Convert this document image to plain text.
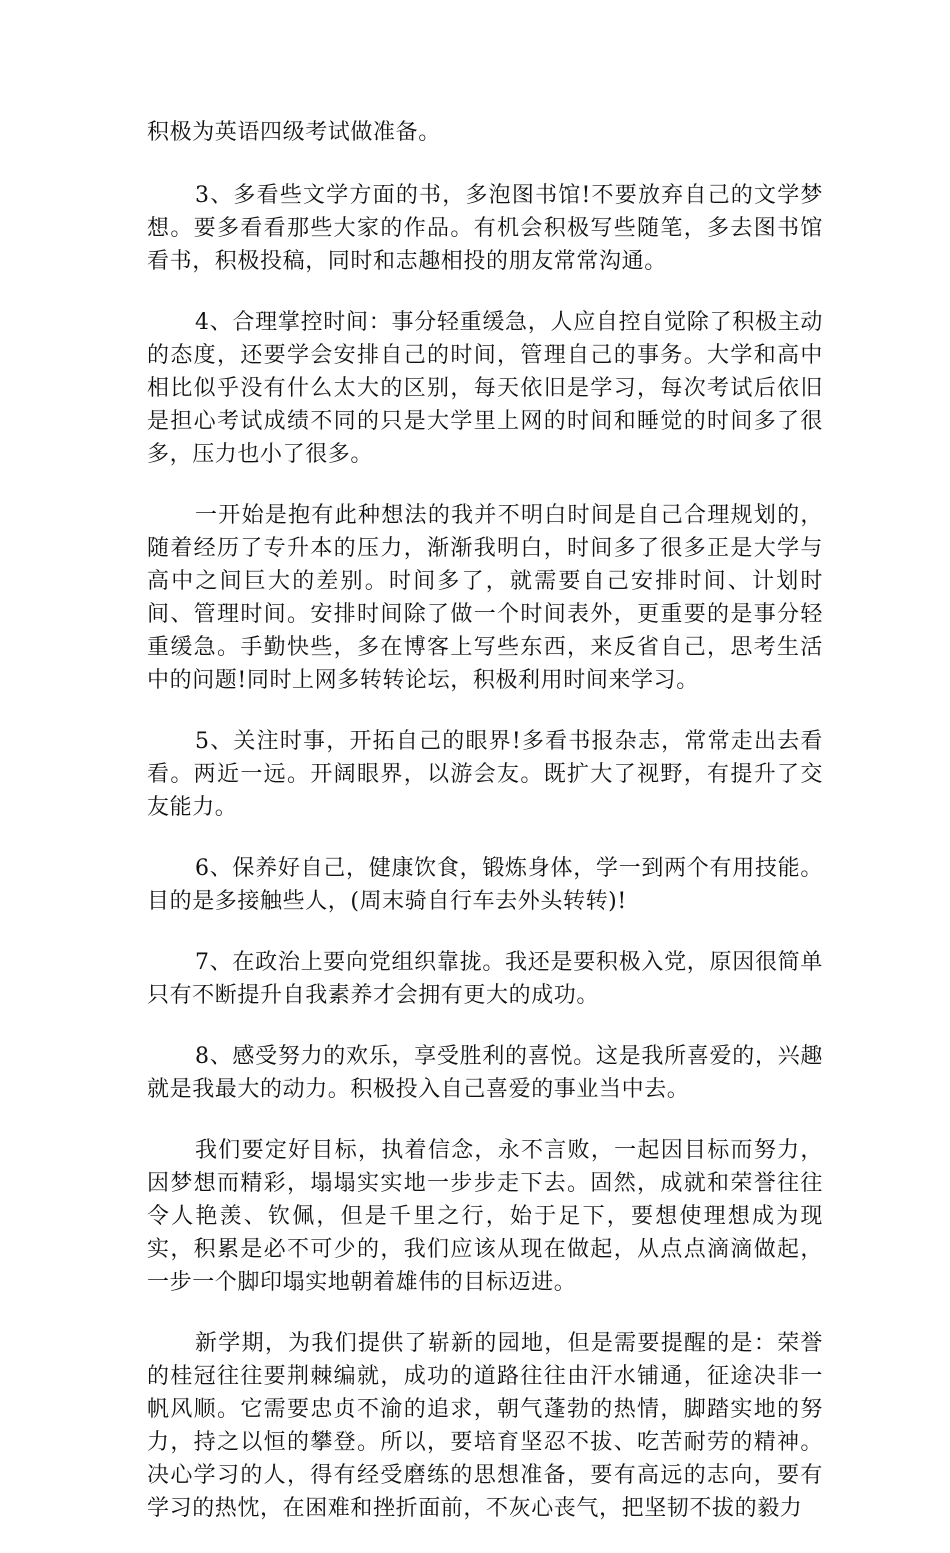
积极为英语四级考试做准备。

3、多看些文学方面的书，多泡图书馆!不要放弃自己的文学梦想。要多看看那些大家的作品。有机会积极写些随笔，多去图书馆看书，积极投稿，同时和志趣相投的朋友常常沟通。

4、合理掌控时间：事分轻重缓急，人应自控自觉除了积极主动的态度，还要学会安排自己的时间，管理自己的事务。大学和高中相比似乎没有什么太大的区别，每天依旧是学习，每次考试后依旧是担心考试成绩不同的只是大学里上网的时间和睡觉的时间多了很多，压力也小了很多。

一开始是抱有此种想法的我并不明白时间是自己合理规划的，随着经历了专升本的压力，渐渐我明白，时间多了很多正是大学与高中之间巨大的差别。时间多了，就需要自己安排时间、计划时间、管理时间。安排时间除了做一个时间表外，更重要的是事分轻重缓急。手勤快些，多在博客上写些东西，来反省自己，思考生活中的问题!同时上网多转转论坛，积极利用时间来学习。

5、关注时事，开拓自己的眼界!多看书报杂志，常常走出去看看。两近一远。开阔眼界，以游会友。既扩大了视野，有提升了交友能力。

6、保养好自己，健康饮食，锻炼身体，学一到两个有用技能。目的是多接触些人，(周末骑自行车去外头转转)!

7、在政治上要向党组织靠拢。我还是要积极入党，原因很简单只有不断提升自我素养才会拥有更大的成功。

8、感受努力的欢乐，享受胜利的喜悦。这是我所喜爱的，兴趣就是我最大的动力。积极投入自己喜爱的事业当中去。

我们要定好目标，执着信念，永不言败，一起因目标而努力，因梦想而精彩，塌塌实实地一步步走下去。固然，成就和荣誉往往令人艳羡、钦佩，但是千里之行，始于足下，要想使理想成为现实，积累是必不可少的，我们应该从现在做起，从点点滴滴做起，一步一个脚印塌实地朝着雄伟的目标迈进。

新学期，为我们提供了崭新的园地，但是需要提醒的是：荣誉的桂冠往往要荆棘编就，成功的道路往往由汗水铺通，征途决非一帆风顺。它需要忠贞不渝的追求，朝气蓬勃的热情，脚踏实地的努力，持之以恒的攀登。所以，要培育坚忍不拔、吃苦耐劳的精神。决心学习的人，得有经受磨练的思想准备，要有高远的志向，要有学习的热忱，在困难和挫折面前，不灰心丧气，把坚韧不拔的毅力
